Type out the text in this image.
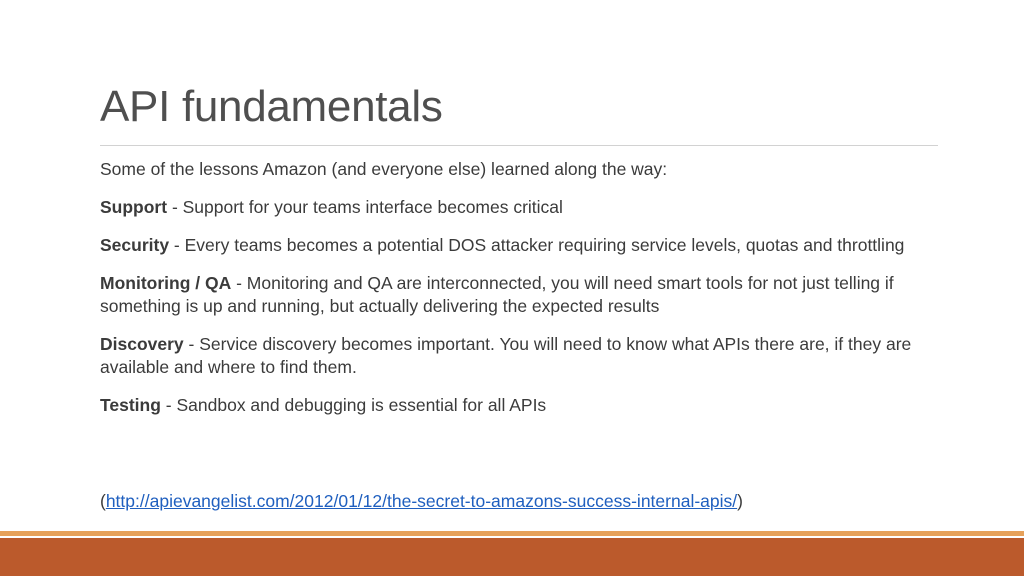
API fundamentals

Some of the lessons Amazon (and everyone else) learned along the way:

Support - Support for your teams interface becomes critical

Security - Every teams becomes a potential DOS attacker requiring service levels, quotas and throttling

Monitoring / QA - Monitoring and QA are interconnected, you will need smart tools for not just telling if something is up and running, but actually delivering the expected results

Discovery - Service discovery becomes important. You will need to know what APIs there are, if they are available and where to find them.

Testing - Sandbox and debugging is essential for all APIs

(http://apievangelist.com/2012/01/12/the-secret-to-amazons-success-internal-apis/)
